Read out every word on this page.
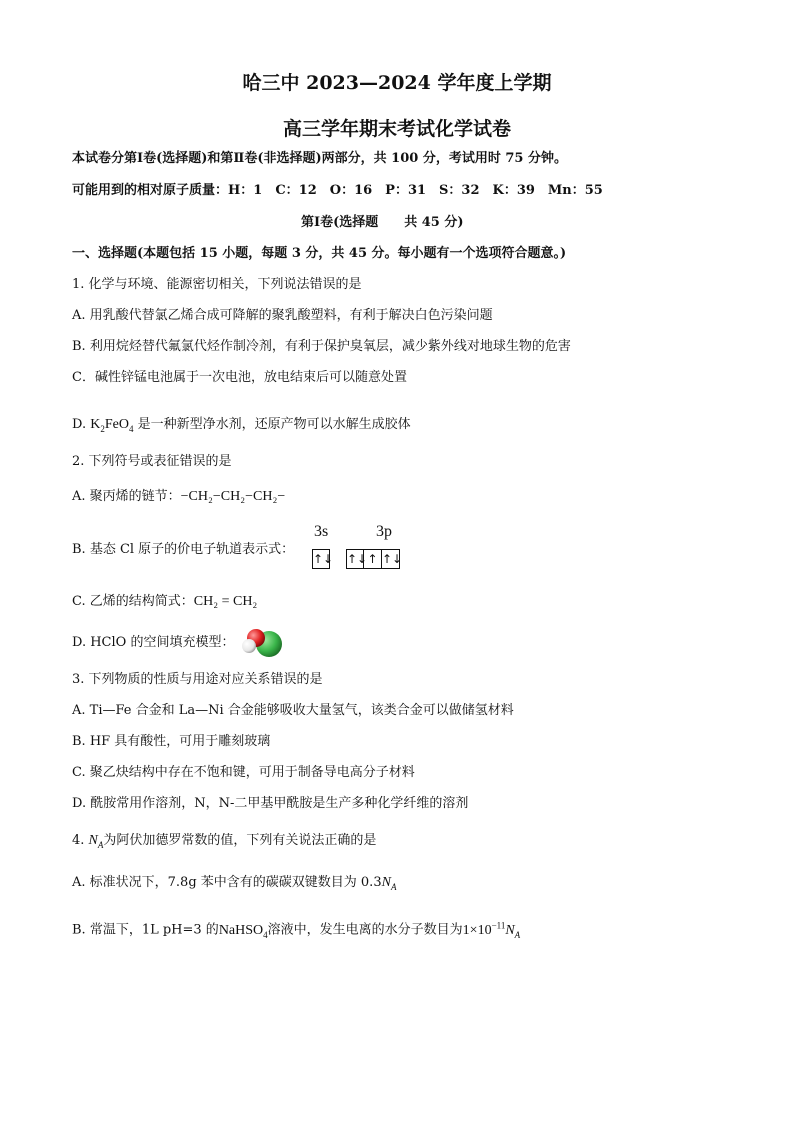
哈三中 2023—2024 学年度上学期
高三学年期末考试化学试卷
本试卷分第Ⅰ卷(选择题)和第Ⅱ卷(非选择题)两部分，共 100 分，考试用时 75 分钟。
可能用到的相对原子质量：H：1　C：12　O：16　P：31　S：32　K：39　Mn：55
第Ⅰ卷(选择题　　共 45 分)
一、选择题(本题包括 15 小题，每题 3 分，共 45 分。每小题有一个选项符合题意。)
1. 化学与环境、能源密切相关，下列说法错误的是
A. 用乳酸代替氯乙烯合成可降解的聚乳酸塑料，有利于解决白色污染问题
B. 利用烷烃替代氟氯代烃作制冷剂，有利于保护臭氧层，减少紫外线对地球生物的危害
C．碱性锌锰电池属于一次电池，放电结束后可以随意处置
D. $K_2FeO_4$ 是一种新型净水剂，还原产物可以水解生成胶体
2. 下列符号或表征错误的是
A. 聚丙烯的链节：−CH₂−CH₂−CH₂−
B. 基态 Cl 原子的价电子轨道表示式：
3s	3p
↑↓ ↑↓ ↑ ↑↓
C. 乙烯的结构简式：CH₂ = CH₂
D. HClO 的空间填充模型：
3. 下列物质的性质与用途对应关系错误的是
A. Ti—Fe 合金和 La—Ni 合金能够吸收大量氢气，该类合金可以做储氢材料
B. HF 具有酸性，可用于雕刻玻璃
C. 聚乙炔结构中存在不饱和键，可用于制备导电高分子材料
D. 酰胺常用作溶剂，N，N-二甲基甲酰胺是生产多种化学纤维的溶剂
4. $N_A$为阿伏加德罗常数的值，下列有关说法正确的是
A. 标准状况下，7.8g 苯中含有的碳碳双键数目为 $0.3N_A$
B. 常温下，1L pH=3 的NaHSO$_4$溶液中，发生电离的水分子数目为$1\times 10^{-11}N_A$
